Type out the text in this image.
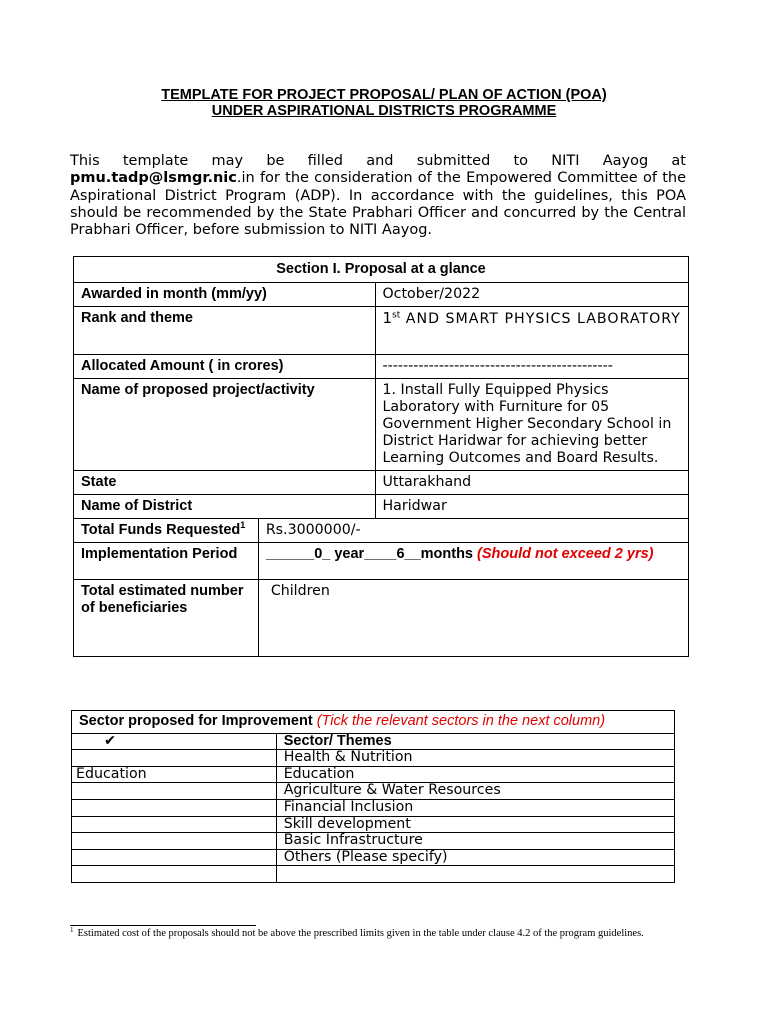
TEMPLATE FOR PROJECT PROPOSAL/ PLAN OF ACTION (POA)
UNDER ASPIRATIONAL DISTRICTS PROGRAMME
This template may be filled and submitted to NITI Aayog at pmu.tadp@lsmgr.nic.in for the consideration of the Empowered Committee of the Aspirational District Program (ADP). In accordance with the guidelines, this POA should be recommended by the State Prabhari Officer and concurred by the Central Prabhari Officer, before submission to NITI Aayog.
Section I. Proposal at a glance		
Awarded in month (mm/yy)		October/2022
Rank and theme		1st AND SMART PHYSICS LABORATORY
Allocated Amount ( in crores)		---------------------------------------------
Name of proposed project/activity		1. Install Fully Equipped Physics Laboratory with Furniture for 05 Government Higher Secondary School in District Haridwar for achieving better Learning Outcomes and Board Results.
State		Uttarakhand
Name of District		Haridwar
Total Funds Requested$^1$	Rs.3000000/-	
Implementation Period	______0_ year____6__months (Should not exceed 2 yrs)	
Total estimated number of beneficiaries	Children	
Sector proposed for Improvement (Tick the relevant sectors in the next column)	
✔	Sector/ Themes
	Health & Nutrition
Education	Education
	Agriculture & Water Resources
	Financial Inclusion
	Skill development
	Basic Infrastructure
	Others (Please specify)

$^1$ Estimated cost of the proposals should not be above the prescribed limits given in the table under clause 4.2 of the program guidelines.
